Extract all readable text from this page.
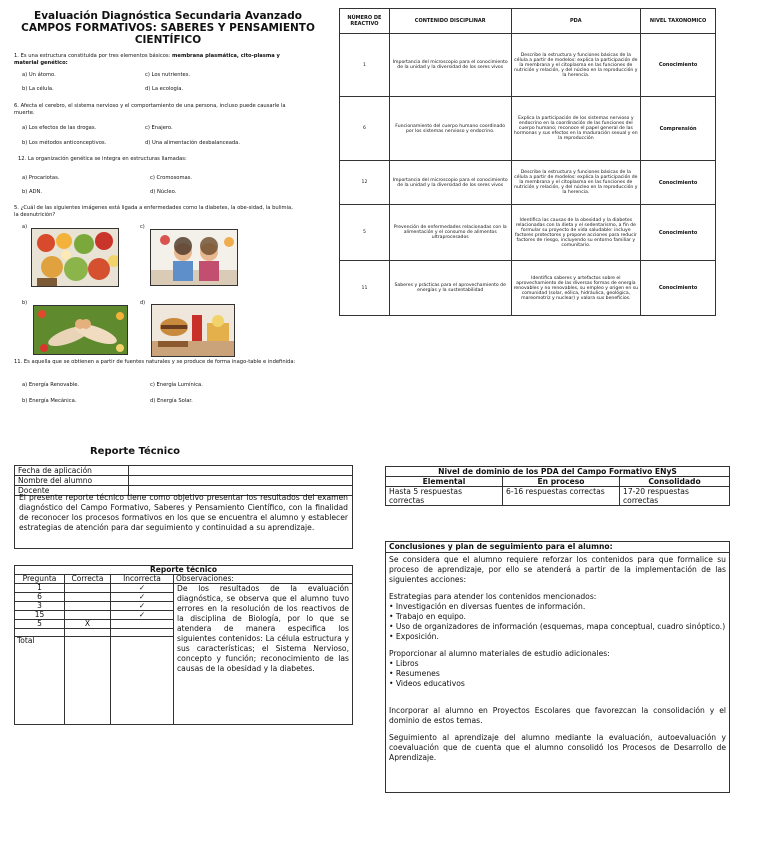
Evaluación Diagnóstica Secundaria Avanzado
CAMPOS FORMATIVOS: SABERES Y PENSAMIENTO CIENTÍFICO
1. Es una estructura constituida por tres elementos básicos: membrana plasmática, cito-plasma y material genético:
a) Un átomo.	c) Los nutrientes.
b) La célula.	d) La ecología.
6. Afecta el cerebro, el sistema nervioso y el comportamiento de una persona, incluso puede causarle la muerte.
a) Los efectos de las drogas.	c) Enajero.
b) Los métodos anticonceptivos.	d) Una alimentación desbalanceada.
12. La organización genética se integra en estructuras llamadas:
a) Procariotas.	c) Cromosomas.
b) ADN.	d) Núcleo.
5. ¿Cuál de las siguientes imágenes está ligada a enfermedades como la diabetes, la obe-sidad, la bulimia, la desnutrición?
a)	c)
b)	d)
11. Es aquella que se obtienen a partir de fuentes naturales y se produce de forma inago-table e indefinida:
a) Energía Renovable.	c) Energía Lumínica.
b) Energía Mecánica.	d) Energía Solar.
NÚMERO DE REACTIVO	CONTENIDO DISCIPLINAR	PDA	NIVEL TAXONOMICO
1	Importancia del microscopio para el conocimiento de la unidad y la diversidad de los seres vivos	Describe la estructura y funciones básicas de la célula a partir de modelos: explica la participación de la membrana y el citoplasma en las funciones de nutrición y relación, y del núcleo en la reproducción y la herencia.	Conocimiento
6	Funcionamiento del cuerpo humano coordinado por los sistemas nervioso y endocrino.	Explica la participación de los sistemas nervioso y endocrino en la coordinación de las funciones del cuerpo humano; reconoce el papel general de las hormonas y sus efectos en la maduración sexual y en la reproducción	Comprensión
12	Importancia del microscopio para el conocimiento de la unidad y la diversidad de los seres vivos	Describe la estructura y funciones básicas de la célula a partir de modelos: explica la participación de la membrana y el citoplasma en las funciones de nutrición y relación, y del núcleo en la reproducción y la herencia.	Conocimiento
5	Prevención de enfermedades relacionadas con la alimentación y el consumo de alimentos ultraprocesados	Identifica las causas de la obesidad y la diabetes relacionadas con la dieta y el sedentarismo, a fin de formular su proyecto de vida saludable: incluye factores protectores y propone acciones para reducir factores de riesgo, incluyendo su entorno familiar y comunitario.	Conocimiento
11	Saberes y prácticas para el aprovechamiento de energías y la sustentabilidad	Identifica saberes y artefactos sobre el aprovechamiento de las diversas formas de energía renovables y no renovables, su empleo y origen en su comunidad (solar, eólica, hidráulica, geológica, mareomotriz y nuclear) y valora sus beneficios.	Conocimiento
Reporte Técnico
Fecha de aplicación	
Nombre del alumno	
Docente	
El presente reporte técnico tiene como objetivo presentar los resultados del examen diagnóstico del Campo Formativo, Saberes y Pensamiento Científico, con la finalidad de reconocer los procesos formativos en los que se encuentra el alumno y establecer estrategias de atención para dar seguimiento y continuidad a su aprendizaje.
Reporte técnico			
Pregunta	Correcta	Incorrecta	Observaciones:
1		✓	De los resultados de la evaluación diagnóstica, se observa que el alumno tuvo errores en la resolución de los reactivos de la disciplina de Biología, por lo que se atendera de manera especifica los siguientes contenidos: La célula estructura y sus características; el Sistema Nervioso, concepto y función; reconocimiento de las causas de la obesidad y la diabetes.
6		✓	
3		✓	
15		✓	
5	X		

Total			
Nivel de dominio de los PDA del Campo Formativo ENyS		
Elemental	En proceso	Consolidado
Hasta 5 respuestas correctas	6-16 respuestas correctas	17-20 respuestas correctas
Conclusiones y plan de seguimiento para el alumno:

Se considera que el alumno requiere reforzar los contenidos para que formalice su proceso de aprendizaje, por ello se atenderá a partir de la implementación de las siguientes acciones:

Estrategias para atender los contenidos mencionados:
• Investigación en diversas fuentes de información.
• Trabajo en equipo.
• Uso de organizadores de información (esquemas, mapa conceptual, cuadro sinóptico.)
• Exposición.
Proporcionar al alumno materiales de estudio adicionales:
• Libros
• Resumenes
• Videos educativos

Incorporar al alumno en Proyectos Escolares que favorezcan la consolidación y el dominio de estos temas.

Seguimiento al aprendizaje del alumno mediante la evaluación, autoevaluación y coevaluación que de cuenta que el alumno consolidó los Procesos de Desarrollo de Aprendizaje.
